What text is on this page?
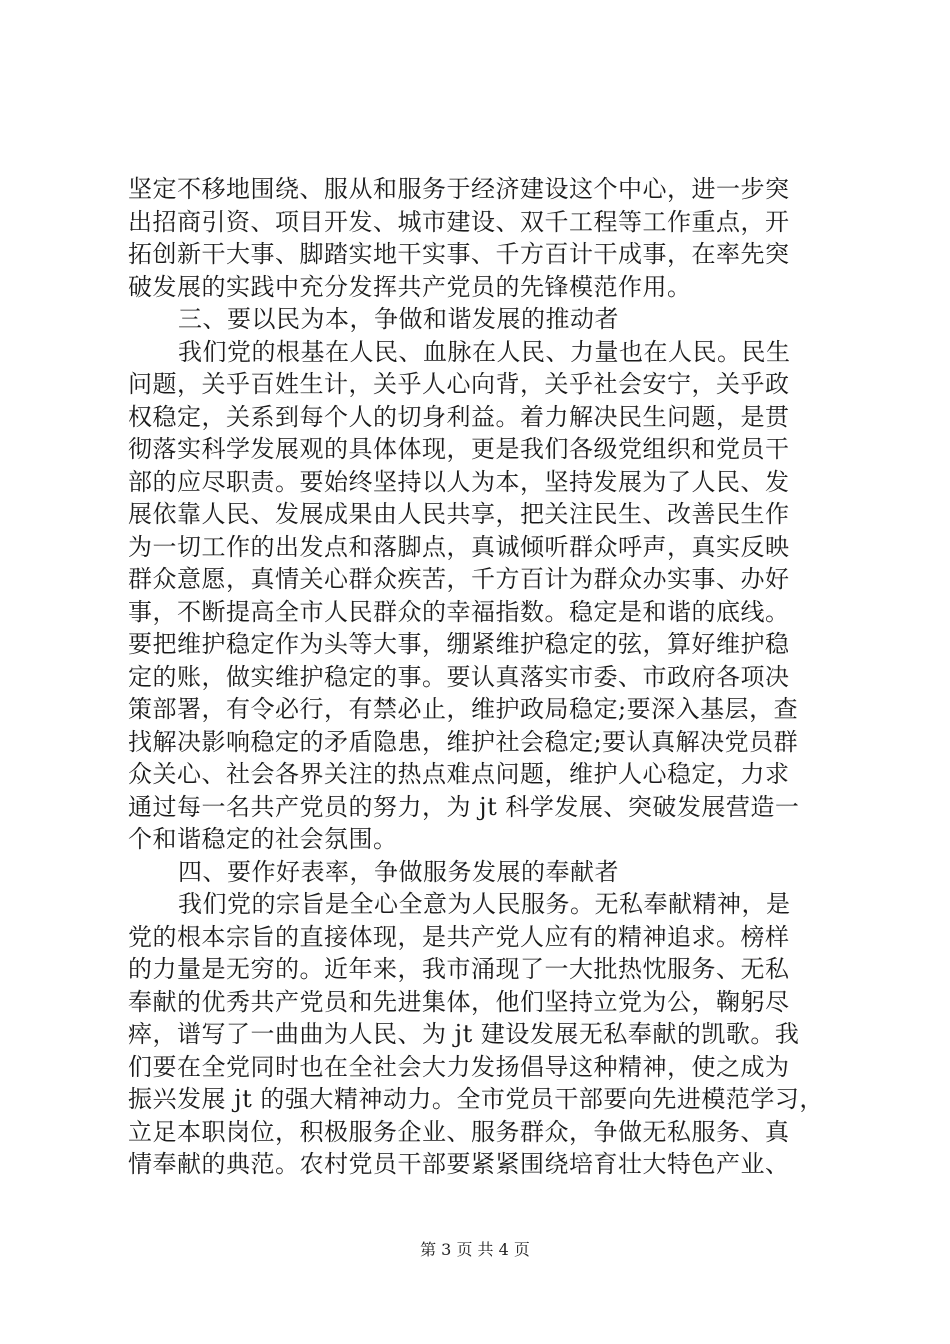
坚定不移地围绕、服从和服务于经济建设这个中心，进一步突
出招商引资、项目开发、城市建设、双千工程等工作重点，开
拓创新干大事、脚踏实地干实事、千方百计干成事，在率先突
破发展的实践中充分发挥共产党员的先锋模范作用。
三、要以民为本，争做和谐发展的推动者
我们党的根基在人民、血脉在人民、力量也在人民。民生
问题，关乎百姓生计，关乎人心向背，关乎社会安宁，关乎政
权稳定，关系到每个人的切身利益。着力解决民生问题，是贯
彻落实科学发展观的具体体现，更是我们各级党组织和党员干
部的应尽职责。要始终坚持以人为本，坚持发展为了人民、发
展依靠人民、发展成果由人民共享，把关注民生、改善民生作
为一切工作的出发点和落脚点，真诚倾听群众呼声，真实反映
群众意愿，真情关心群众疾苦，千方百计为群众办实事、办好
事，不断提高全市人民群众的幸福指数。稳定是和谐的底线。
要把维护稳定作为头等大事，绷紧维护稳定的弦，算好维护稳
定的账，做实维护稳定的事。要认真落实市委、市政府各项决
策部署，有令必行，有禁必止，维护政局稳定;要深入基层，查
找解决影响稳定的矛盾隐患，维护社会稳定;要认真解决党员群
众关心、社会各界关注的热点难点问题，维护人心稳定，力求
通过每一名共产党员的努力，为 jt 科学发展、突破发展营造一
个和谐稳定的社会氛围。
四、要作好表率，争做服务发展的奉献者
我们党的宗旨是全心全意为人民服务。无私奉献精神，是
党的根本宗旨的直接体现，是共产党人应有的精神追求。榜样
的力量是无穷的。近年来，我市涌现了一大批热忱服务、无私
奉献的优秀共产党员和先进集体，他们坚持立党为公，鞠躬尽
瘁，谱写了一曲曲为人民、为 jt 建设发展无私奉献的凯歌。我
们要在全党同时也在全社会大力发扬倡导这种精神，使之成为
振兴发展 jt 的强大精神动力。全市党员干部要向先进模范学习，
立足本职岗位，积极服务企业、服务群众，争做无私服务、真
情奉献的典范。农村党员干部要紧紧围绕培育壮大特色产业、
第 3 页 共 4 页
